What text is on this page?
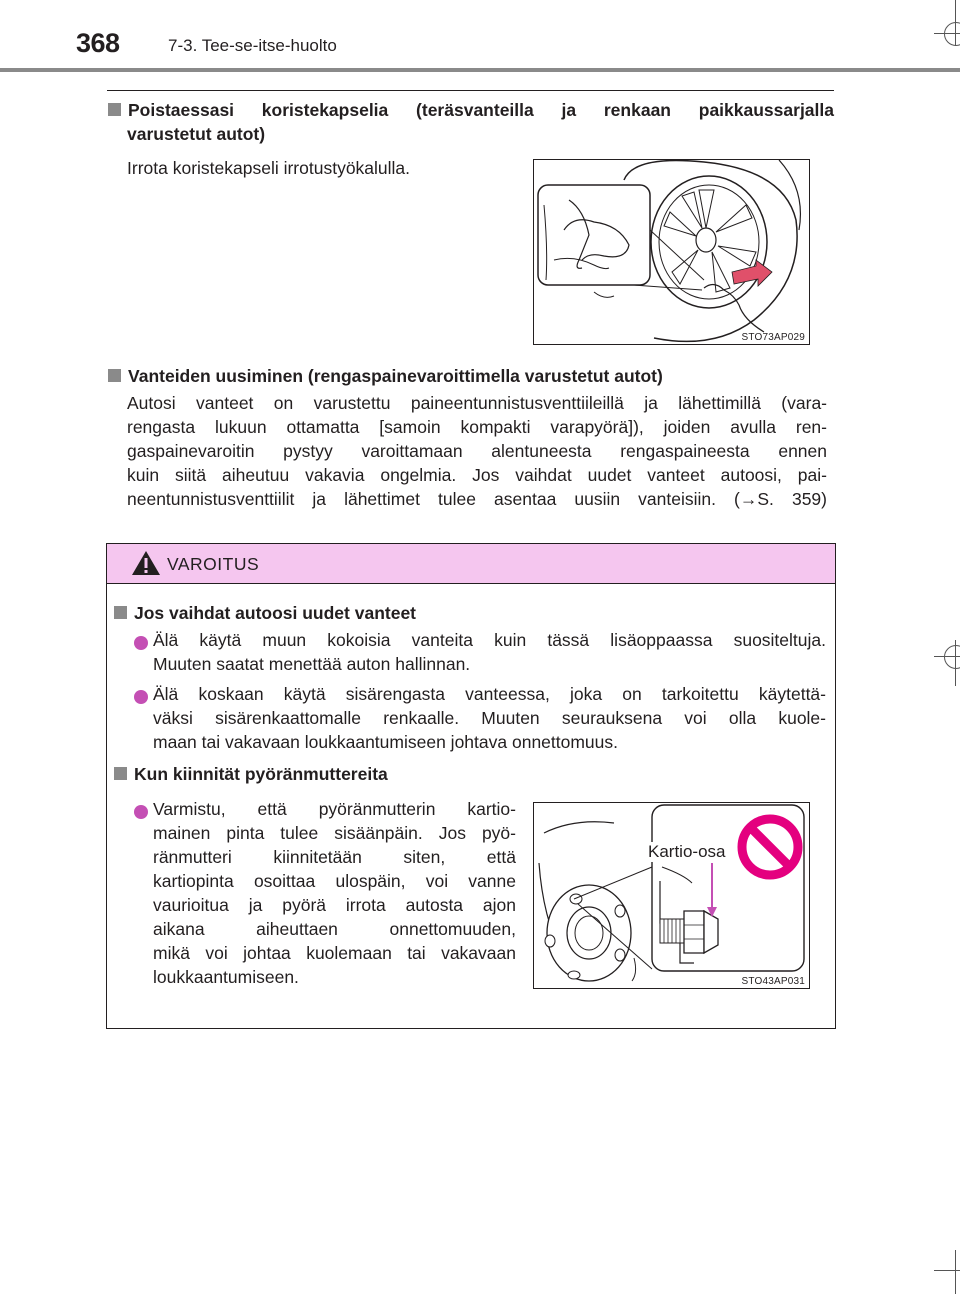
368	7-3. Tee-se-itse-huolto
Poistaessasi koristekapselia (teräsvanteilla ja renkaan paikkaussarjalla
varustetut autot)
Irrota koristekapseli irrotustyökalulla.
STO73AP029
Vanteiden uusiminen (rengaspainevaroittimella varustetut autot)
Autosi vanteet on varustettu paineentunnistusventtiileillä ja lähettimillä (vara-
rengasta lukuun ottamatta [samoin kompakti varapyörä]), joiden avulla ren-
gaspainevaroitin pystyy varoittamaan alentuneesta rengaspaineesta ennen
kuin siitä aiheutuu vakavia ongelmia. Jos vaihdat uudet vanteet autoosi, pai-
neentunnistusventtiilit ja lähettimet tulee asentaa uusiin vanteisiin. (→S. 359)
VAROITUS
Jos vaihdat autoosi uudet vanteet
Älä käytä muun kokoisia vanteita kuin tässä lisäoppaassa suositeltuja.
Muuten saatat menettää auton hallinnan.
Älä koskaan käytä sisärengasta vanteessa, joka on tarkoitettu käytettä-
väksi sisärenkaattomalle renkaalle. Muuten seurauksena voi olla kuole-
maan tai vakavaan loukkaantumiseen johtava onnettomuus.
Kun kiinnität pyöränmuttereita
Varmistu, että pyöränmutterin kartio-
mainen pinta tulee sisäänpäin. Jos pyö-
ränmutteri kiinnitetään siten, että
kartiopinta osoittaa ulospäin, voi vanne
vaurioitua ja pyörä irrota autosta ajon
aikana aiheuttaen onnettomuuden,
mikä voi johtaa kuolemaan tai vakavaan
loukkaantumiseen.
Kartio-osa
STO43AP031
